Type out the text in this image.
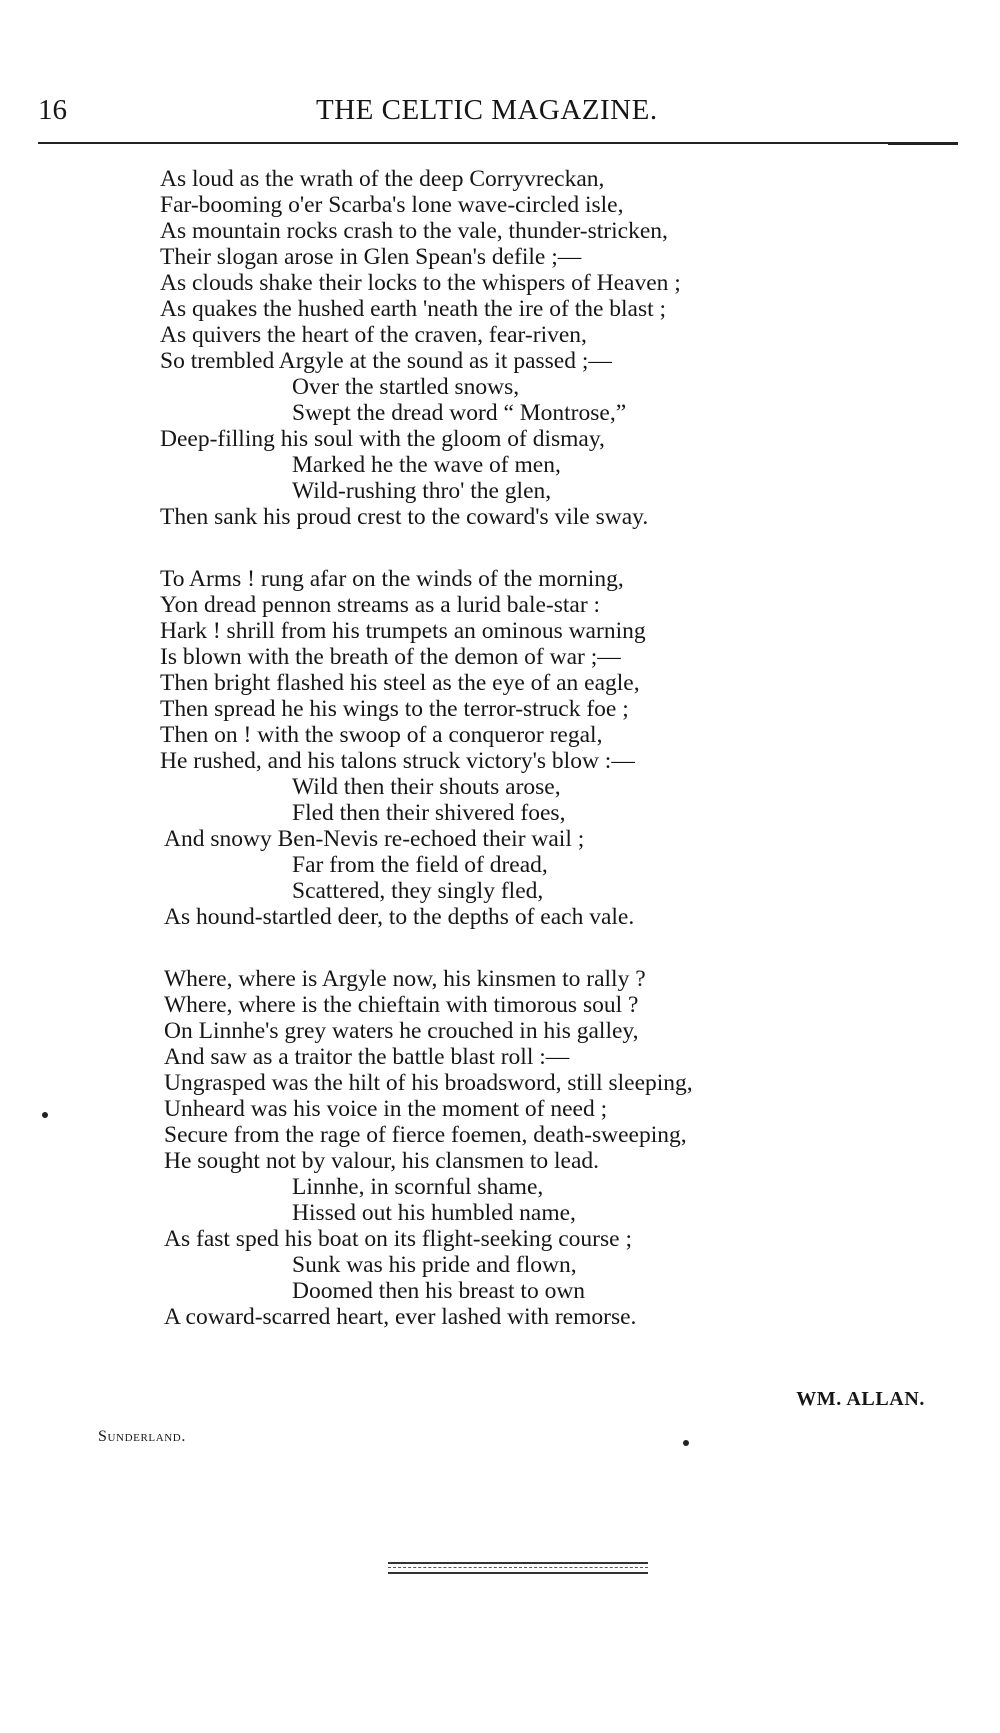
16	THE CELTIC MAGAZINE.
As loud as the wrath of the deep Corryvreckan,
Far-booming o'er Scarba's lone wave-circled isle,
As mountain rocks crash to the vale, thunder-stricken,
Their slogan arose in Glen Spean's defile ;—
As clouds shake their locks to the whispers of Heaven ;
As quakes the hushed earth 'neath the ire of the blast ;
As quivers the heart of the craven, fear-riven,
So trembled Argyle at the sound as it passed ;—
Over the startled snows,
Swept the dread word “ Montrose,”
Deep-filling his soul with the gloom of dismay,
Marked he the wave of men,
Wild-rushing thro' the glen,
Then sank his proud crest to the coward's vile sway.
To Arms ! rung afar on the winds of the morning,
Yon dread pennon streams as a lurid bale-star :
Hark ! shrill from his trumpets an ominous warning
Is blown with the breath of the demon of war ;—
Then bright flashed his steel as the eye of an eagle,
Then spread he his wings to the terror-struck foe ;
Then on ! with the swoop of a conqueror regal,
He rushed, and his talons struck victory's blow :—
Wild then their shouts arose,
Fled then their shivered foes,
And snowy Ben-Nevis re-echoed their wail ;
Far from the field of dread,
Scattered, they singly fled,
As hound-startled deer, to the depths of each vale.
Where, where is Argyle now, his kinsmen to rally ?
Where, where is the chieftain with timorous soul ?
On Linnhe's grey waters he crouched in his galley,
And saw as a traitor the battle blast roll :—
Ungrasped was the hilt of his broadsword, still sleeping,
Unheard was his voice in the moment of need ;
Secure from the rage of fierce foemen, death-sweeping,
He sought not by valour, his clansmen to lead.
Linnhe, in scornful shame,
Hissed out his humbled name,
As fast sped his boat on its flight-seeking course ;
Sunk was his pride and flown,
Doomed then his breast to own
A coward-scarred heart, ever lashed with remorse.
WM. ALLAN.
Sunderland.
